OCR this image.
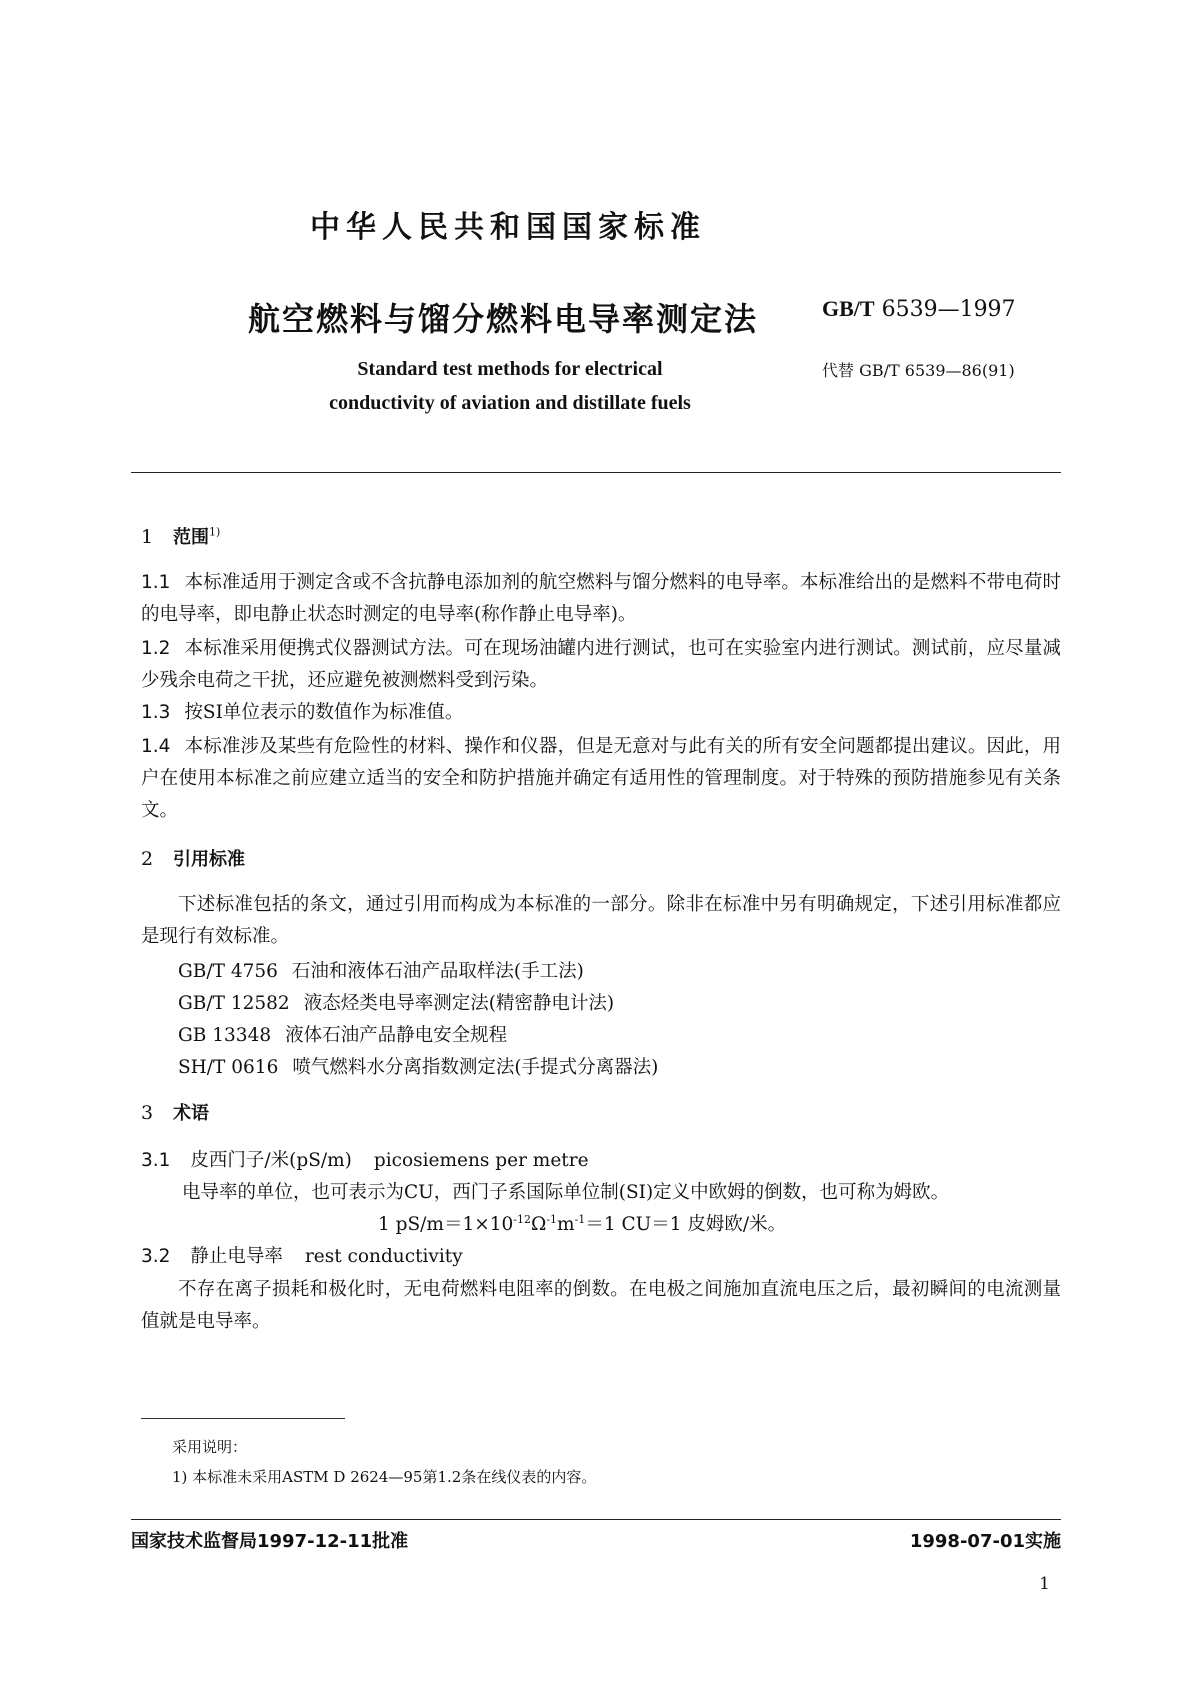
中华人民共和国国家标准
航空燃料与馏分燃料电导率测定法	GB/T 6539—1997
Standard test methods for electrical
conductivity of aviation and distillate fuels
代替 GB/T 6539—86(91)
1 范围$^{1)}$
1.1 本标准适用于测定含或不含抗静电添加剂的航空燃料与馏分燃料的电导率。本标准给出的是燃料不带电荷时的电导率，即电静止状态时测定的电导率(称作静止电导率)。
1.2 本标准采用便携式仪器测试方法。可在现场油罐内进行测试，也可在实验室内进行测试。测试前，应尽量减少残余电荷之干扰，还应避免被测燃料受到污染。
1.3 按SI单位表示的数值作为标准值。
1.4 本标准涉及某些有危险性的材料、操作和仪器，但是无意对与此有关的所有安全问题都提出建议。因此，用户在使用本标准之前应建立适当的安全和防护措施并确定有适用性的管理制度。对于特殊的预防措施参见有关条文。
2 引用标准
下述标准包括的条文，通过引用而构成为本标准的一部分。除非在标准中另有明确规定，下述引用标准都应是现行有效标准。
GB/T 4756 石油和液体石油产品取样法(手工法)
GB/T 12582 液态烃类电导率测定法(精密静电计法)
GB 13348 液体石油产品静电安全规程
SH/T 0616 喷气燃料水分离指数测定法(手提式分离器法)
3 术语
3.1 皮西门子/米(pS/m) picosiemens per metre
电导率的单位，也可表示为CU，西门子系国际单位制(SI)定义中欧姆的倒数，也可称为姆欧。
1 $pS/m=1\times 10^{-12}\Omega^{-1}m^{-1}=1$ CU＝1 皮姆欧/米。
3.2 静止电导率 rest conductivity
不存在离子损耗和极化时，无电荷燃料电阻率的倒数。在电极之间施加直流电压之后，最初瞬间的电流测量值就是电导率。
采用说明：
1) 本标准未采用ASTM D 2624—95第1.2条在线仪表的内容。
国家技术监督局1997-12-11批准	1998-07-01实施
1
